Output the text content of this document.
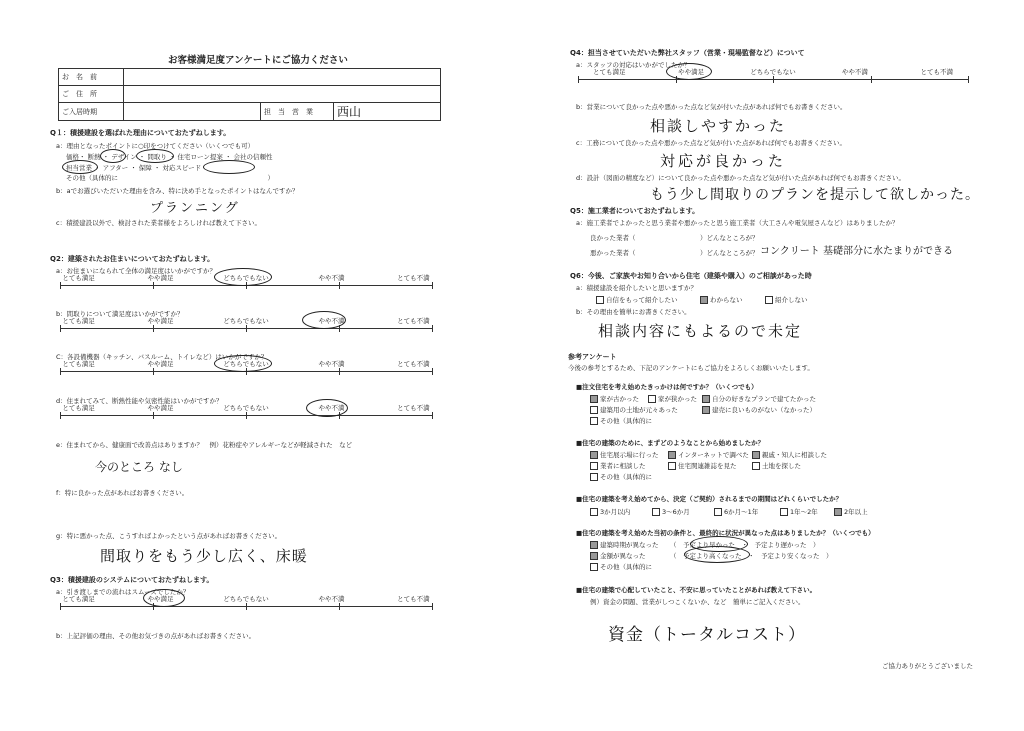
お客様満足度アンケートにご協力ください
お　名　前			
ご　住　所			
ご入居時期		担　当　営　業	西山
Q１：積援建設を選ばれた理由についておたずねします。
a：理由となったポイントに○印をつけてください（いくつでも可）
価格・ 断熱 ・ デザイン ・ 間取り ・ 住宅ローン提案 ・ 会社の信頼性
担当営業 ・ アフター ・ 保障 ・ 対応スピード
その他（具体的に　　　　　　　　　　　　　　　　　　　　　　　）
b：aでお選びいただいた理由を含み、特に決め手となったポイントはなんですか？
プランニング
c：積援建設以外で、検討された業者様をよろしければ教えて下さい。
Q2：建築されたお住まいについておたずねします。
a：お住まいになられて全体の満足度はいかがですか？
とても満足	やや満足	どちらでもない	やや不満	とても不満
b：間取りについて満足度はいかがですか？
とても満足	やや満足	どちらでもない	やや不満	とても不満
C：各設備機器（キッチン、バスルーム、トイレなど）はいかがですか？
とても満足	やや満足	どちらでもない	やや不満	とても不満
d：住まれてみて、断熱性能や気密性能はいかがですか？
とても満足	やや満足	どちらでもない	やや不満	とても不満
e：住まれてから、健康面で改善点はありますか？　例）花粉症やアレルギーなどが軽減された　など
今のところ なし
f：特に良かった点があればお書きください。
g：特に悪かった点、こうすればよかったという点があればお書きください。
間取りをもう少し広く、床暖
Q3：積援建設のシステムについておたずねします。
a：引き渡しまでの流れはスムーズでしたか？
とても満足	やや満足	どちらでもない	やや不満	とても不満
b：上記評価の理由、その他お気づきの点があればお書きください。
Q4：担当させていただいた弊社スタッフ（営業・現場監督など）について
a：スタッフの対応はいかがでしたか？
とても満足	やや満足	どちらでもない	やや不満	とても不満
b：営業について良かった点や悪かった点など気が付いた点があれば何でもお書きください。
相談しやすかった
c：工務について良かった点や悪かった点など気が付いた点があれば何でもお書きください。
対応が良かった
d：設計（図面の精度など）について良かった点や悪かった点など気が付いた点があれば何でもお書きください。
もう少し間取りのプランを提示して欲しかった。
Q5：施工業者についておたずねします。
a：施工業者でよかったと思う業者や悪かったと思う施工業者（大工さんや電気屋さんなど）はありましたか？
良かった業者（	）どんなところが？
悪かった業者（	）どんなところが？ コンクリート 基礎部分に水たまりができる
Q6：今後、ご家族やお知り合いから住宅（建築や購入）のご相談があった時
a：積援建設を紹介したいと思いますか？
自信をもって紹介したい	わからない	紹介しない
b：その理由を簡単にお書きください。
相談内容にもよるので未定
参考アンケート
今後の参考とするため、下記のアンケートにもご協力をよろしくお願いいたします。
■注文住宅を考え始めたきっかけは何ですか？（いくつでも）
家が古かった	家が狭かった	自分の好きなプランで建てたかった
建築用の土地が元々あった	建売に良いものがない（なかった）
その他（具体的に
■住宅の建築のために、まずどのようなことから始めましたか？
住宅展示場に行った	インターネットで調べた	親戚・知人に相談した
業者に相談した	住宅関連雑誌を見た	土地を探した
その他（具体的に
■住宅の建築を考え始めてから、決定（ご契約）されるまでの期間はどれくらいでしたか？
3か月以内	3〜6か月	6か月〜1年	1年〜2年	2年以上
■住宅の建築を考え始めた当初の条件と、最終的に状況が異なった点はありましたか？（いくつでも）
建築時期が異なった （　予定より早かった　・　予定より遅かった　）
金額が異なった	（　予定より高くなった　・　予定より安くなった　）
その他（具体的に
■住宅の建築で心配していたこと、不安に思っていたことがあれば教えて下さい。
例）資金の問題、営業がしつこくないか、など　簡単にご記入ください。
資金（トータルコスト）
ご協力ありがとうございました
